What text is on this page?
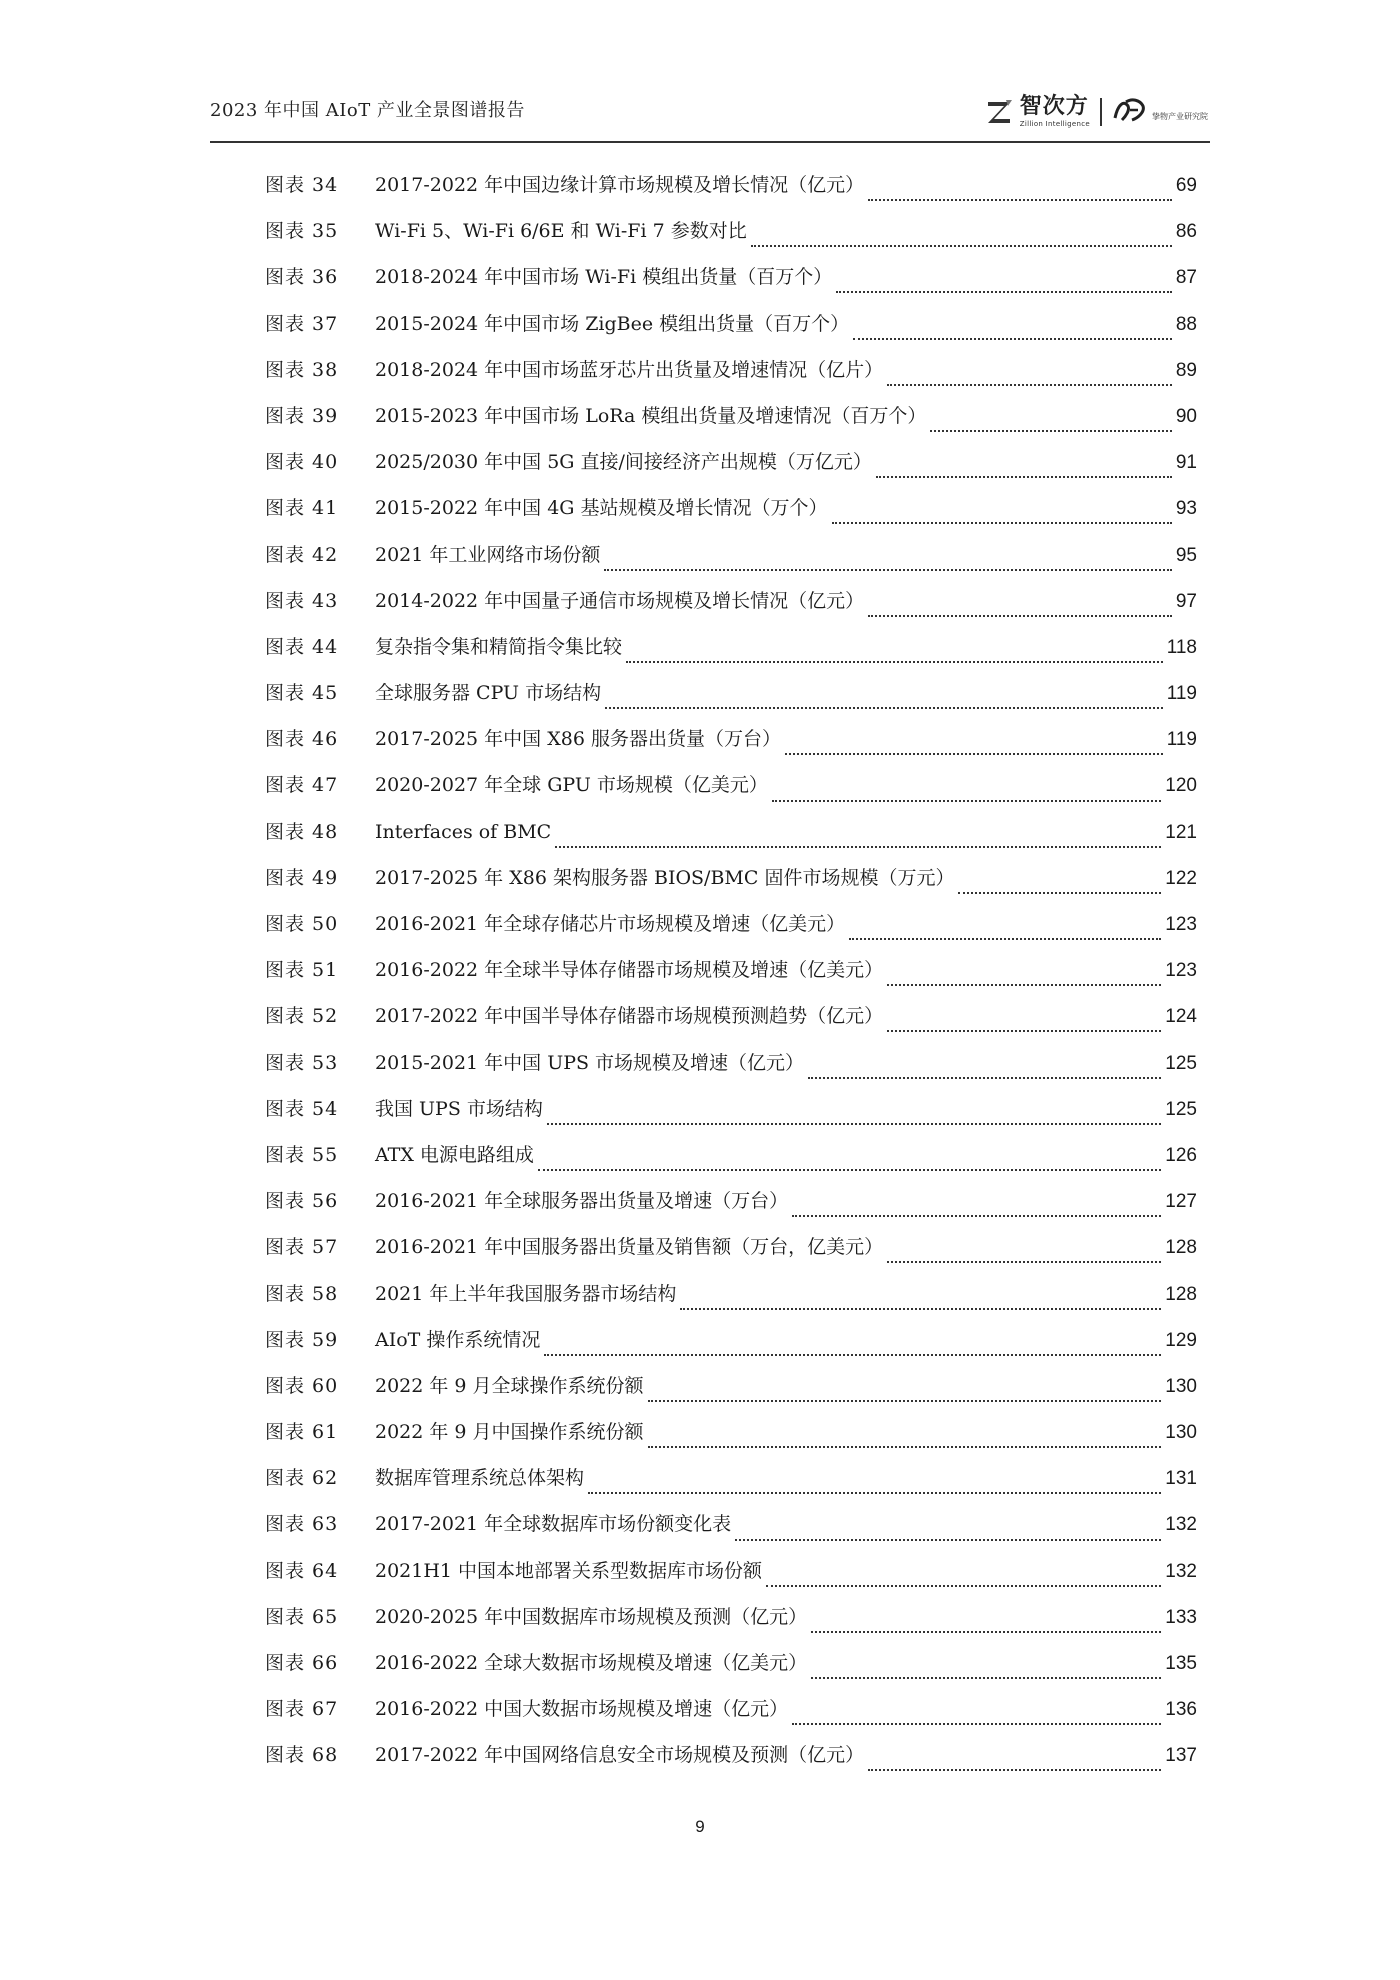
2023 年中国 AIoT 产业全景图谱报告	智次方
Zillion Intelligence
挚物产业研究院
图表 34	2017-2022 年中国边缘计算市场规模及增长情况（亿元）	69
图表 35	Wi-Fi 5、Wi-Fi 6/6E 和 Wi-Fi 7 参数对比	86
图表 36	2018-2024 年中国市场 Wi-Fi 模组出货量（百万个）	87
图表 37	2015-2024 年中国市场 ZigBee 模组出货量（百万个）	88
图表 38	2018-2024 年中国市场蓝牙芯片出货量及增速情况（亿片）	89
图表 39	2015-2023 年中国市场 LoRa 模组出货量及增速情况（百万个）	90
图表 40	2025/2030 年中国 5G 直接/间接经济产出规模（万亿元）	91
图表 41	2015-2022 年中国 4G 基站规模及增长情况（万个）	93
图表 42	2021 年工业网络市场份额	95
图表 43	2014-2022 年中国量子通信市场规模及增长情况（亿元）	97
图表 44	复杂指令集和精简指令集比较	118
图表 45	全球服务器 CPU 市场结构	119
图表 46	2017-2025 年中国 X86 服务器出货量（万台）	119
图表 47	2020-2027 年全球 GPU 市场规模（亿美元）	120
图表 48	Interfaces of BMC	121
图表 49	2017-2025 年 X86 架构服务器 BIOS/BMC 固件市场规模（万元）	122
图表 50	2016-2021 年全球存储芯片市场规模及增速（亿美元）	123
图表 51	2016-2022 年全球半导体存储器市场规模及增速（亿美元）	123
图表 52	2017-2022 年中国半导体存储器市场规模预测趋势（亿元）	124
图表 53	2015-2021 年中国 UPS 市场规模及增速（亿元）	125
图表 54	我国 UPS 市场结构	125
图表 55	ATX 电源电路组成	126
图表 56	2016-2021 年全球服务器出货量及增速（万台）	127
图表 57	2016-2021 年中国服务器出货量及销售额（万台，亿美元）	128
图表 58	2021 年上半年我国服务器市场结构	128
图表 59	AIoT 操作系统情况	129
图表 60	2022 年 9 月全球操作系统份额	130
图表 61	2022 年 9 月中国操作系统份额	130
图表 62	数据库管理系统总体架构	131
图表 63	2017-2021 年全球数据库市场份额变化表	132
图表 64	2021H1 中国本地部署关系型数据库市场份额	132
图表 65	2020-2025 年中国数据库市场规模及预测（亿元）	133
图表 66	2016-2022 全球大数据市场规模及增速（亿美元）	135
图表 67	2016-2022 中国大数据市场规模及增速（亿元）	136
图表 68	2017-2022 年中国网络信息安全市场规模及预测（亿元）	137
9
